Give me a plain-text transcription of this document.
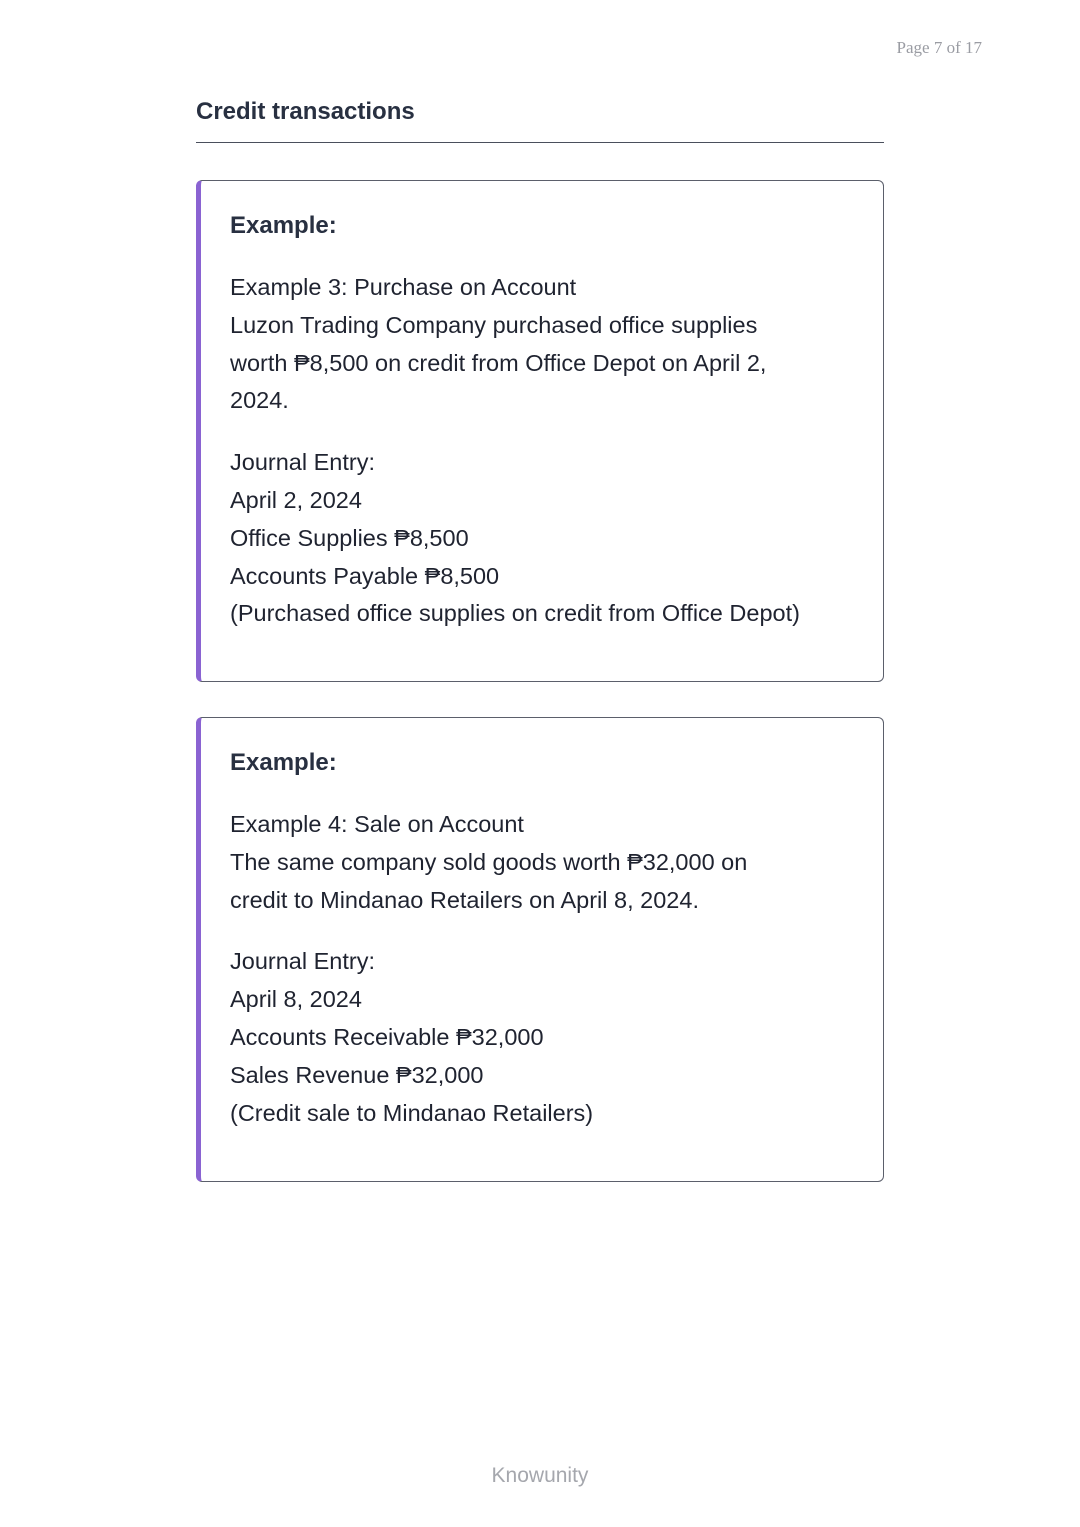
Page 7 of 17
Credit transactions

Example:

Example 3: Purchase on Account

Luzon Trading Company purchased office supplies

worth ₱8,500 on credit from Office Depot on April 2,

2024.

Journal Entry:

April 2, 2024

Office Supplies ₱8,500

Accounts Payable ₱8,500

(Purchased office supplies on credit from Office Depot)

Example:

Example 4: Sale on Account

The same company sold goods worth ₱32,000 on

credit to Mindanao Retailers on April 8, 2024.

Journal Entry:

April 8, 2024

Accounts Receivable ₱32,000

Sales Revenue ₱32,000

(Credit sale to Mindanao Retailers)

Knowunity
